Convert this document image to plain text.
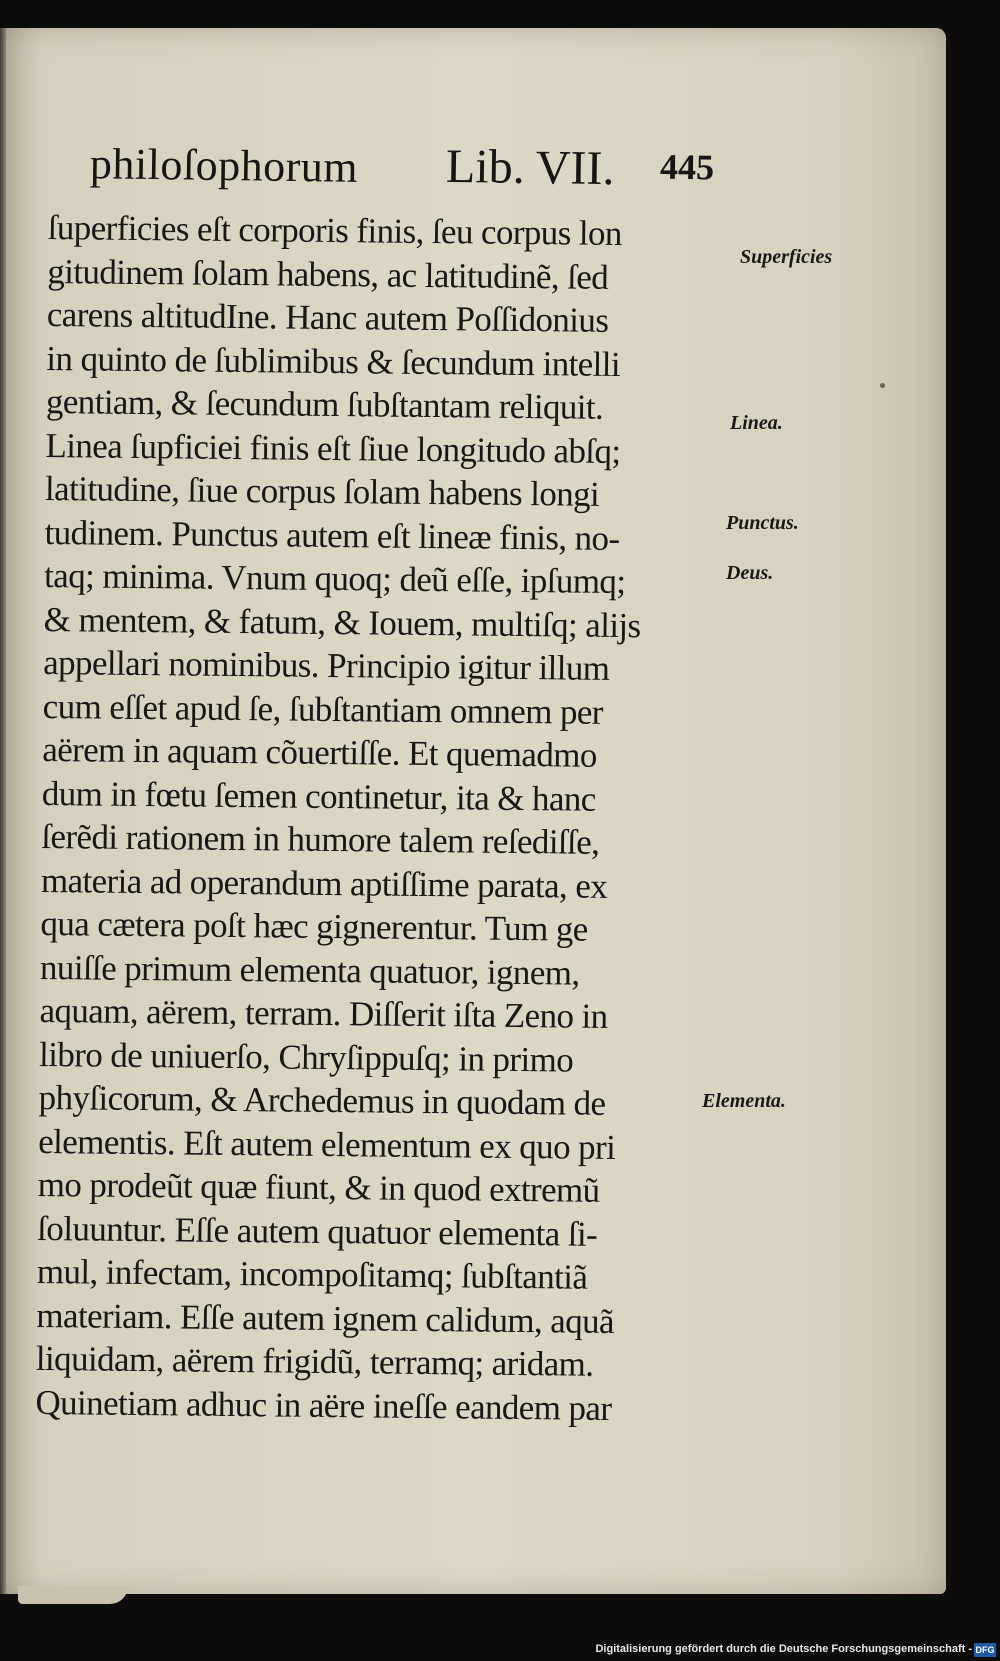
philoſophorum Lib. VII. 445
ſuperficies eſt corporis finis, ſeu corpus lon
gitudinem ſolam habens, ac latitudinẽ, ſed
carens altitudIne. Hanc autem Poſſidonius
in quinto de ſublimibus & ſecundum intelli
gentiam, & ſecundum ſubſtantam reliquit.
Linea ſupficiei finis eſt ſiue longitudo abſq;
latitudine, ſiue corpus ſolam habens longi
tudinem. Punctus autem eſt lineæ finis, no-
taq; minima. Vnum quoq; deũ eſſe, ipſumq;
& mentem, & fatum, & Iouem, multiſq; alijs
appellari nominibus. Principio igitur illum
cum eſſet apud ſe, ſubſtantiam omnem per
aërem in aquam cõuertiſſe. Et quemadmo
dum in fœtu ſemen continetur, ita & hanc
ſerẽdi rationem in humore talem reſediſſe,
materia ad operandum aptiſſime parata, ex
qua cætera poſt hæc gignerentur. Tum ge
nuiſſe primum elementa quatuor, ignem,
aquam, aërem, terram. Diſſerit iſta Zeno in
libro de uniuerſo, Chryſippuſq; in primo
phyſicorum, & Archedemus in quodam de
elementis. Eſt autem elementum ex quo pri
mo prodeũt quæ fiunt, & in quod extremũ
ſoluuntur. Eſſe autem quatuor elementa ſi-
mul, infectam, incompoſitamq; ſubſtantiã
materiam. Eſſe autem ignem calidum, aquã
liquidam, aërem frigidũ, terramq; aridam.
Quinetiam adhuc in aëre ineſſe eandem par
Superficies
Linea.
Punctus.
Deus.
Elementa.
Digitalisierung gefördert durch die Deutsche Forschungsgemeinschaft - DFG
